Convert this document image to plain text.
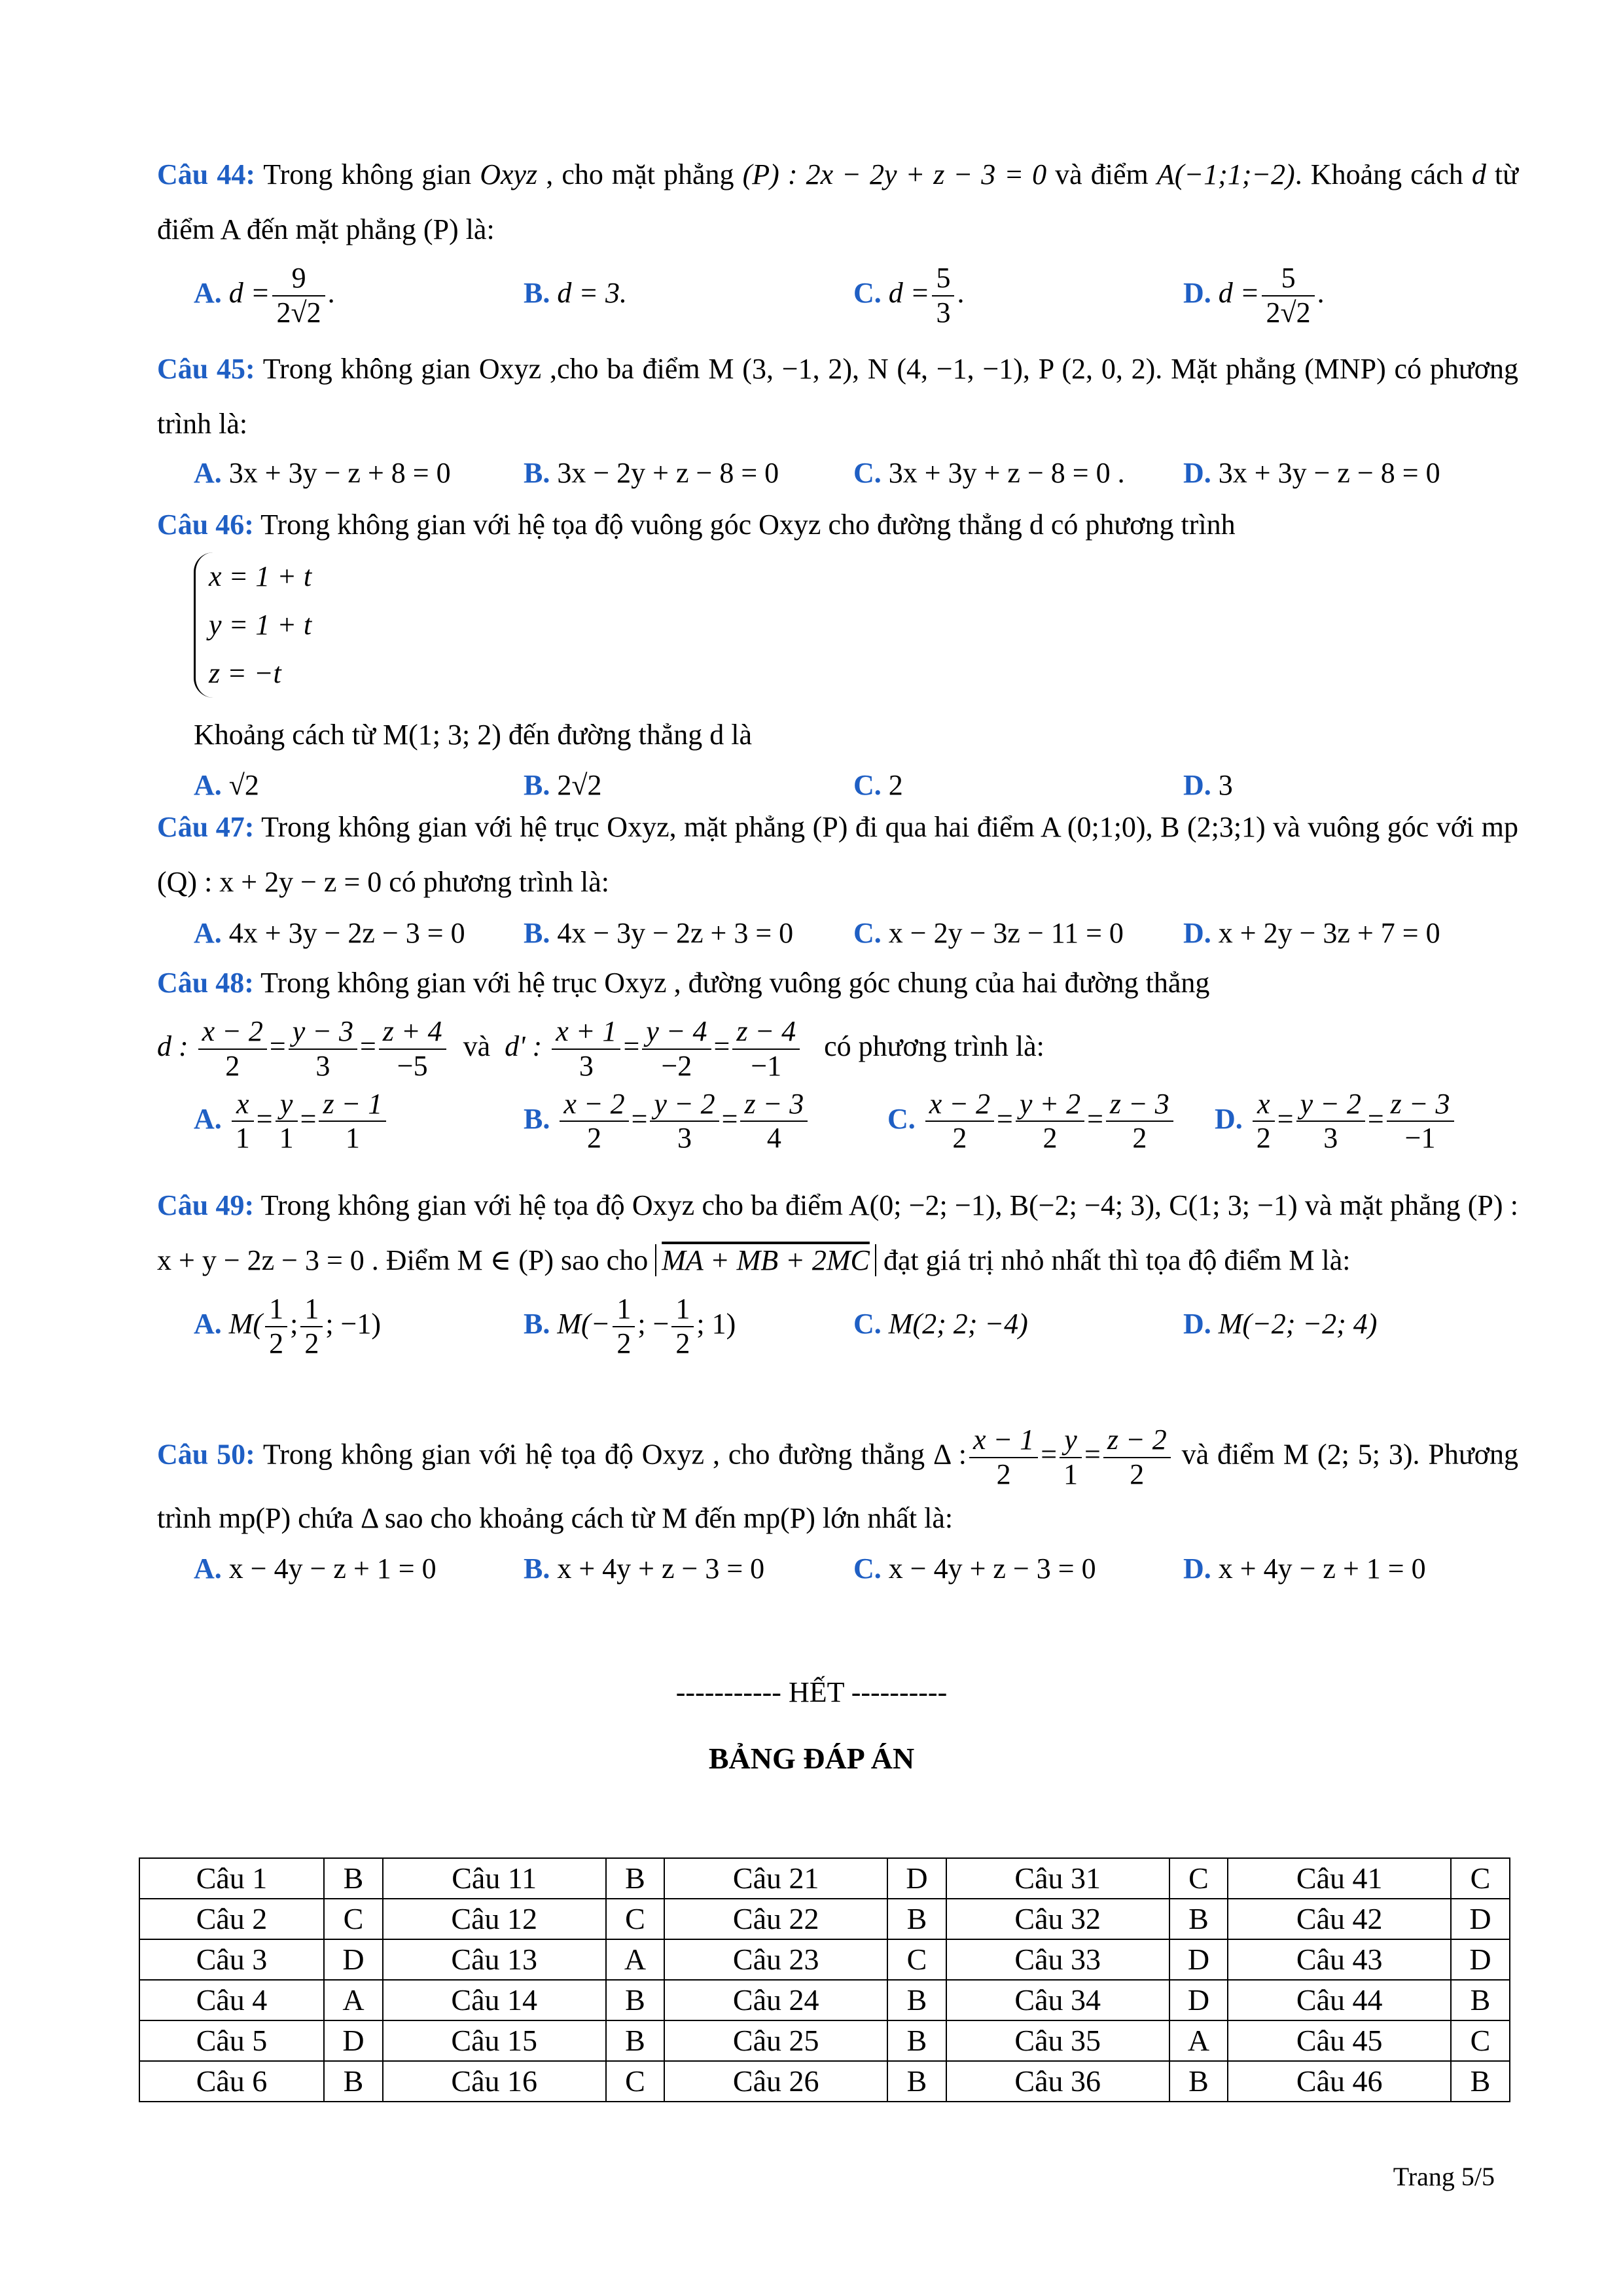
Câu 44: Trong không gian Oxyz , cho mặt phẳng (P) : 2x − 2y + z − 3 = 0 và điểm A(−1;1;−2). Khoảng cách d từ điểm A đến mặt phẳng (P) là:
A. $d = \frac{9}{2√2}$ .	B. d = 3.	C. $d = \frac{5}{3}$ .	D. $d = \frac{5}{2√2}$ .
Câu 45: Trong không gian Oxyz ,cho ba điểm M (3, −1, 2), N (4, −1, −1), P (2, 0, 2). Mặt phẳng (MNP) có phương trình là:
A. 3x + 3y − z + 8 = 0	B. 3x − 2y + z − 8 = 0	C. 3x + 3y + z − 8 = 0 . D. 3x + 3y − z − 8 = 0
Câu 46: Trong không gian với hệ tọa độ vuông góc Oxyz cho đường thẳng d có phương trình
x = 1 + t
y = 1 + t
z = −t
Khoảng cách từ M(1; 3; 2) đến đường thẳng d là
A. √2	B. 2√2	C. 2	D. 3
Câu 47: Trong không gian với hệ trục Oxyz, mặt phẳng (P) đi qua hai điểm A (0;1;0), B (2;3;1) và vuông góc với mp (Q) : x + 2y − z = 0 có phương trình là:
A. 4x + 3y − 2z − 3 = 0 B. 4x − 3y − 2z + 3 = 0 C. x − 2y − 3z − 11 = 0 D. x + 2y − 3z + 7 = 0
Câu 48: Trong không gian với hệ trục Oxyz , đường vuông góc chung của hai đường thẳng
d : $\frac{x - 2}{2} = \frac{y - 3}{3} = \frac{z + 4}{-5}$ và d' : $\frac{x + 1}{3} = \frac{y - 4}{-2} = \frac{z - 4}{-1}$ có phương trình là:
A. $\frac{x}{1} = \frac{y}{1} = \frac{z - 1}{1}$	B. $\frac{x - 2}{2} = \frac{y - 2}{3} = \frac{z - 3}{4}$	C. $\frac{x - 2}{2} = \frac{y + 2}{2} = \frac{z - 3}{2} D$. $\frac{x}{2} = \frac{y - 2}{3} = \frac{z - 3}{-1}$
Câu 49: Trong không gian với hệ tọa độ Oxyz cho ba điểm A(0; −2; −1), B(−2; −4; 3), C(1; 3; −1) và mặt phẳng (P) : x + y − 2z − 3 = 0 . Điểm M ∈ (P) sao cho MA + MB + 2MC đạt giá trị nhỏ nhất thì tọa độ điểm M là:
A. $M( \frac{1}{2}$ ; $\frac{1}{2}$ ; −1)	B. $M(- \frac{1}{2}$ ; − $\frac{1}{2}$ ; 1)	C. M(2; 2; −4)	D. M(−2; −2; 4)
Câu 50: Trong không gian với hệ tọa độ Oxyz , cho đường thẳng Δ : $\frac{x - 1}{2} = \frac{y}{1} = \frac{z - 2}{2}$ và điểm M (2; 5; 3). Phương trình mp(P) chứa Δ sao cho khoảng cách từ M đến mp(P) lớn nhất là:
A. x − 4y − z + 1 = 0	B. x + 4y + z − 3 = 0	C. x − 4y + z − 3 = 0	D. x + 4y − z + 1 = 0
----------- HẾT ----------
BẢNG ĐÁP ÁN
Câu 1	B	Câu 11	B	Câu 21	D	Câu 31	C	Câu 41	C
Câu 2	C	Câu 12	C	Câu 22	B	Câu 32	B	Câu 42	D
Câu 3	D	Câu 13	A	Câu 23	C	Câu 33	D	Câu 43	D
Câu 4	A	Câu 14	B	Câu 24	B	Câu 34	D	Câu 44	B
Câu 5	D	Câu 15	B	Câu 25	B	Câu 35	A	Câu 45	C
Câu 6	B	Câu 16	C	Câu 26	B	Câu 36	B	Câu 46	B
Trang 5/5
